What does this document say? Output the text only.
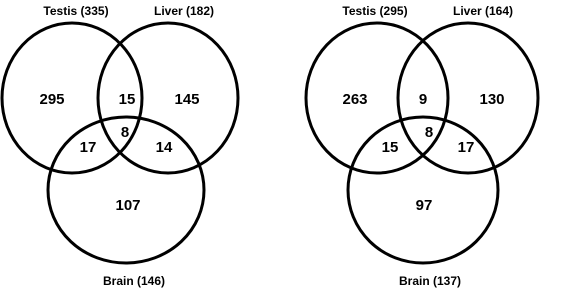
Testis (335)	Liver (182)
Brain (146)
295	15	145
17
8
14
107
Testis (295)	Liver (164)
Brain (137)
263	9	130
15
8
17
97
